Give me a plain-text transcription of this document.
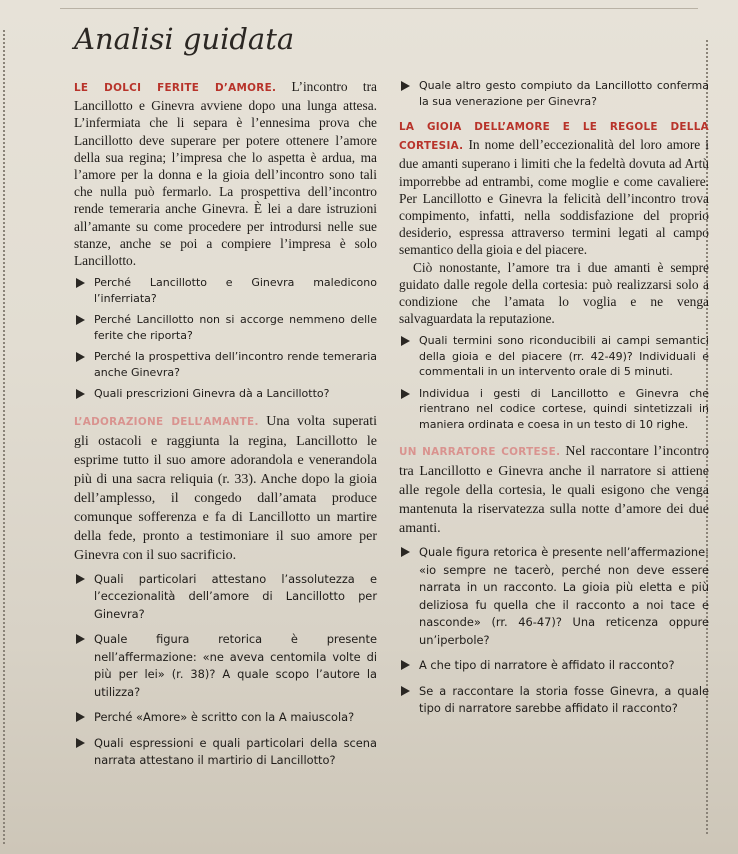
Analisi guidata

LE DOLCI FERITE D’AMORE. L’incontro tra Lancillotto e Ginevra avviene dopo una lunga attesa. L’infermiata che li separa è l’ennesima prova che Lancillotto deve superare per potere ottenere l’amore della sua regina; l’impresa che lo aspetta è ardua, ma l’amore per la donna e la gioia dell’incontro sono tali che nulla può fermarlo. La prospettiva dell’incontro rende temeraria anche Ginevra. È lei a dare istruzioni all’amante su come procedere per introdursi nelle sue stanze, anche se poi a compiere l’impresa è solo Lancillotto.

Perché Lancillotto e Ginevra maledicono l’inferriata?

Perché Lancillotto non si accorge nemmeno delle ferite che riporta?

Perché la prospettiva dell’incontro rende temeraria anche Ginevra?

Quali prescrizioni Ginevra dà a Lancillotto?

L’ADORAZIONE DELL’AMANTE. Una volta superati gli ostacoli e raggiunta la regina, Lancillotto le esprime tutto il suo amore adorandola e venerandola più di una sacra reliquia (r. 33). Anche dopo la gioia dell’amplesso, il congedo dall’amata produce comunque sofferenza e fa di Lancillotto un martire della fede, pronto a testimoniare il suo amore per Ginevra con il suo sacrificio.

Quali particolari attestano l’assolutezza e l’eccezionalità dell’amore di Lancillotto per Ginevra?

Quale figura retorica è presente nell’affermazione: «ne aveva centomila volte di più per lei» (r. 38)? A quale scopo l’autore la utilizza?

Perché «Amore» è scritto con la A maiuscola?

Quali espressioni e quali particolari della scena narrata attestano il martirio di Lancillotto?

Quale altro gesto compiuto da Lancillotto conferma la sua venerazione per Ginevra?

LA GIOIA DELL’AMORE E LE REGOLE DELLA CORTESIA. In nome dell’eccezionalità del loro amore i due amanti superano i limiti che la fedeltà dovuta ad Artù imporrebbe ad entrambi, come moglie e come cavaliere. Per Lancillotto e Ginevra la felicità dell’incontro trova compimento, infatti, nella soddisfazione del proprio desiderio, espressa attraverso termini legati al campo semantico della gioia e del piacere.

Ciò nonostante, l’amore tra i due amanti è sempre guidato dalle regole della cortesia: può realizzarsi solo a condizione che l’amata lo voglia e ne venga salvaguardata la reputazione.

Quali termini sono riconducibili ai campi semantici della gioia e del piacere (rr. 42-49)? Individuali e commentali in un intervento orale di 5 minuti.

Individua i gesti di Lancillotto e Ginevra che rientrano nel codice cortese, quindi sintetizzali in maniera ordinata e coesa in un testo di 10 righe.

UN NARRATORE CORTESE. Nel raccontare l’incontro tra Lancillotto e Ginevra anche il narratore si attiene alle regole della cortesia, le quali esigono che venga mantenuta la riservatezza sulla notte d’amore dei due amanti.

Quale figura retorica è presente nell’affermazione: «io sempre ne tacerò, perché non deve essere narrata in un racconto. La gioia più eletta e più deliziosa fu quella che il racconto a noi tace e nasconde» (rr. 46-47)? Una reticenza oppure un’iperbole?

A che tipo di narratore è affidato il racconto?

Se a raccontare la storia fosse Ginevra, a quale tipo di narratore sarebbe affidato il racconto?
